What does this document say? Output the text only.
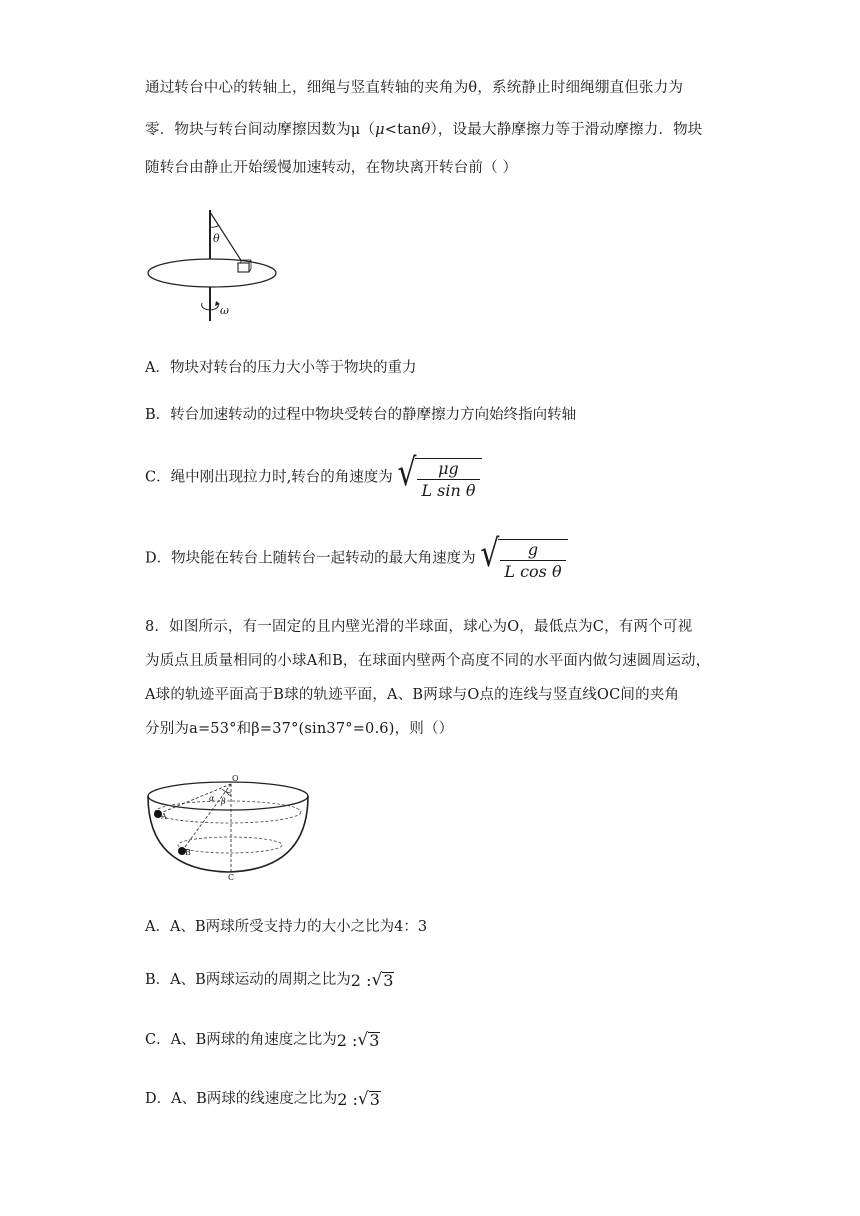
通过转台中心的转轴上，细绳与竖直转轴的夹角为θ，系统静止时细绳绷直但张力为
零．物块与转台间动摩擦因数为μ（μ<tanθ），设最大静摩擦力等于滑动摩擦力．物块
随转台由静止开始缓慢加速转动，在物块离开转台前（ ）
θ
ω
A．物块对转台的压力大小等于物块的重力
B．转台加速转动的过程中物块受转台的静摩擦力方向始终指向转轴
C．绳中刚出现拉力时,转台的角速度为 √ $\frac{\mu g}{\text{L sin θ}}$
D．物块能在转台上随转台一起转动的最大角速度为 √ $\frac{g}{\text{L cos θ}}$
8．如图所示，有一固定的且内壁光滑的半球面，球心为O，最低点为C，有两个可视
为质点且质量相同的小球A和B，在球面内壁两个高度不同的水平面内做匀速圆周运动，
A球的轨迹平面高于B球的轨迹平面，A、B两球与O点的连线与竖直线OC间的夹角
分别为a=53°和β=37°(sin37°=0.6)，则（）
O
A
B
C
α β
A．A、B两球所受支持力的大小之比为4：3
B．A、B两球运动的周期之比为 2 : √ 3
C．A、B两球的角速度之比为 2 : √ 3
D．A、B两球的线速度之比为 2 : √ 3
